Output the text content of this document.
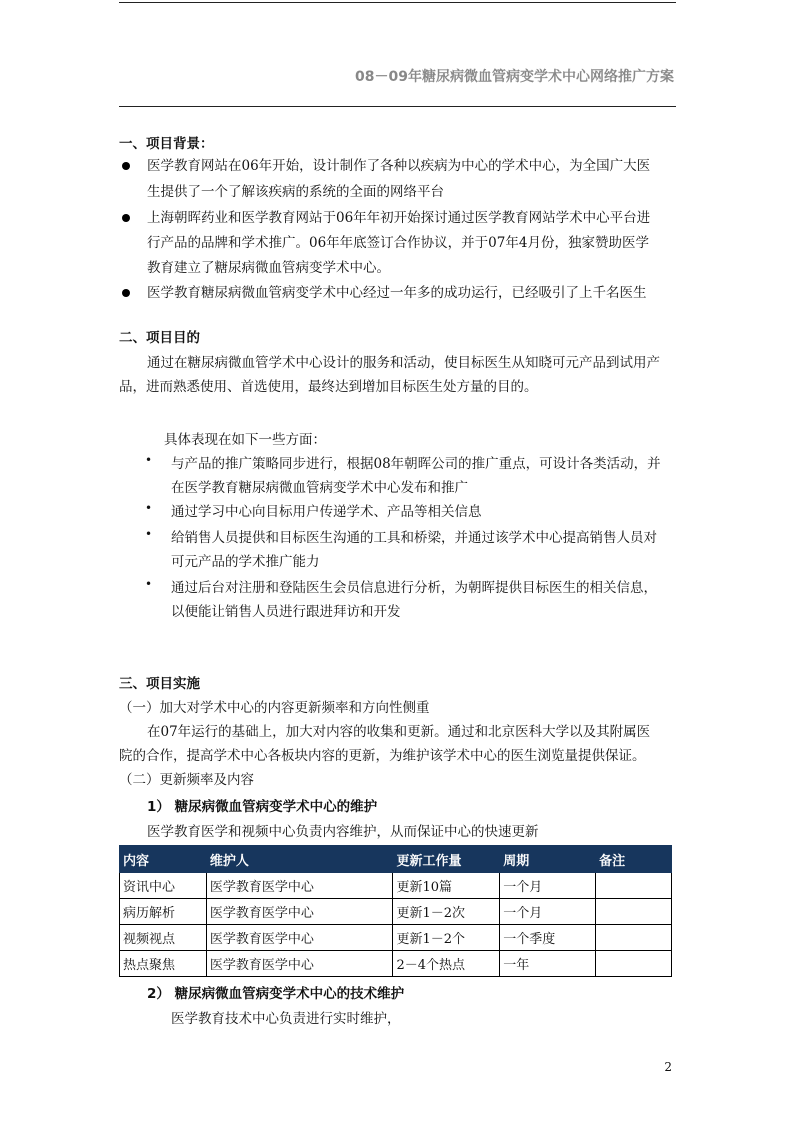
08－09年糖尿病微血管病变学术中心网络推广方案
一、项目背景：
医学教育网站在06年开始，设计制作了各种以疾病为中心的学术中心，为全国广大医
生提供了一个了解该疾病的系统的全面的网络平台
上海朝晖药业和医学教育网站于06年年初开始探讨通过医学教育网站学术中心平台进
行产品的品牌和学术推广。06年年底签订合作协议，并于07年4月份，独家赞助医学
教育建立了糖尿病微血管病变学术中心。
医学教育糖尿病微血管病变学术中心经过一年多的成功运行，已经吸引了上千名医生
二、项目目的
通过在糖尿病微血管学术中心设计的服务和活动，使目标医生从知晓可元产品到试用产
品，进而熟悉使用、首选使用，最终达到增加目标医生处方量的目的。
具体表现在如下一些方面：
• 与产品的推广策略同步进行，根据08年朝晖公司的推广重点，可设计各类活动，并
在医学教育糖尿病微血管病变学术中心发布和推广
• 通过学习中心向目标用户传递学术、产品等相关信息
• 给销售人员提供和目标医生沟通的工具和桥梁，并通过该学术中心提高销售人员对
可元产品的学术推广能力
• 通过后台对注册和登陆医生会员信息进行分析，为朝晖提供目标医生的相关信息，
以便能让销售人员进行跟进拜访和开发
三、项目实施
（一）加大对学术中心的内容更新频率和方向性侧重
在07年运行的基础上，加大对内容的收集和更新。通过和北京医科大学以及其附属医
院的合作，提高学术中心各板块内容的更新，为维护该学术中心的医生浏览量提供保证。
（二）更新频率及内容
1） 糖尿病微血管病变学术中心的维护
医学教育医学和视频中心负责内容维护，从而保证中心的快速更新
内容	维护人	更新工作量	周期	备注
资讯中心	医学教育医学中心	更新10篇	一个月	
病历解析	医学教育医学中心	更新1－2次	一个月	
视频视点	医学教育医学中心	更新1－2个	一个季度	
热点聚焦	医学教育医学中心	2－4个热点	一年	
2） 糖尿病微血管病变学术中心的技术维护
医学教育技术中心负责进行实时维护，
2
